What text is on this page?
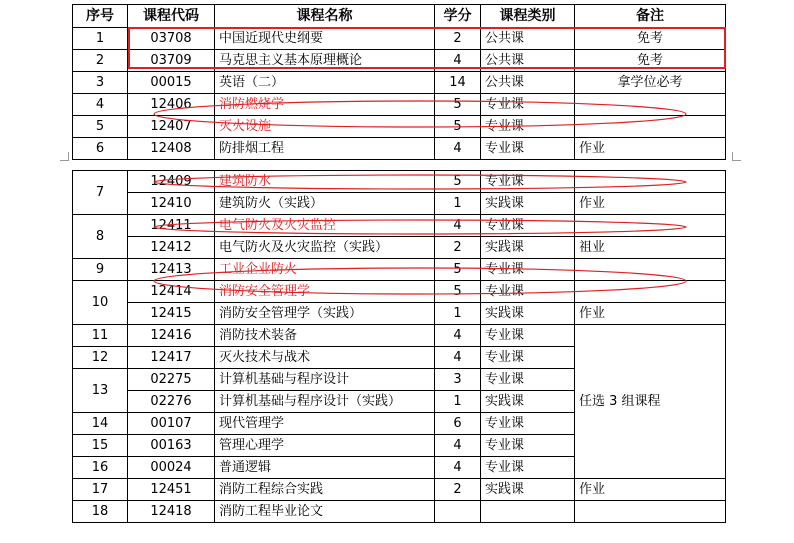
序号	课程代码	课程名称	学分	课程类别	备注
1	03708	中国近现代史纲要	2	公共课	免考
2	03709	马克思主义基本原理概论	4	公共课	免考
3	00015	英语（二）	14	公共课	拿学位必考
4	12406	消防燃烧学	5	专业课	
5	12407	灭火设施	5	专业课	
6	12408	防排烟工程	4	专业课	作业
7	12409	建筑防水	5	专业课	
	12410	建筑防火（实践）	1	实践课	作业
8	12411	电气防火及火灾监控	4	专业课	
	12412	电气防火及火灾监控（实践）	2	实践课	祖业
9	12413	工业企业防火	5	专业课	
10	12414	消防安全管理学	5	专业课	
	12415	消防安全管理学（实践）	1	实践课	作业
11	12416	消防技术装备	4	专业课	任选 3 组课程
12	12417	灭火技术与战术	4	专业课	
13	02275	计算机基础与程序设计	3	专业课	
	02276	计算机基础与程序设计（实践）	1	实践课	
14	00107	现代管理学	6	专业课	
15	00163	管理心理学	4	专业课	
16	00024	普通逻辑	4	专业课	
17	12451	消防工程综合实践	2	实践课	作业
18	12418	消防工程毕业论文			
